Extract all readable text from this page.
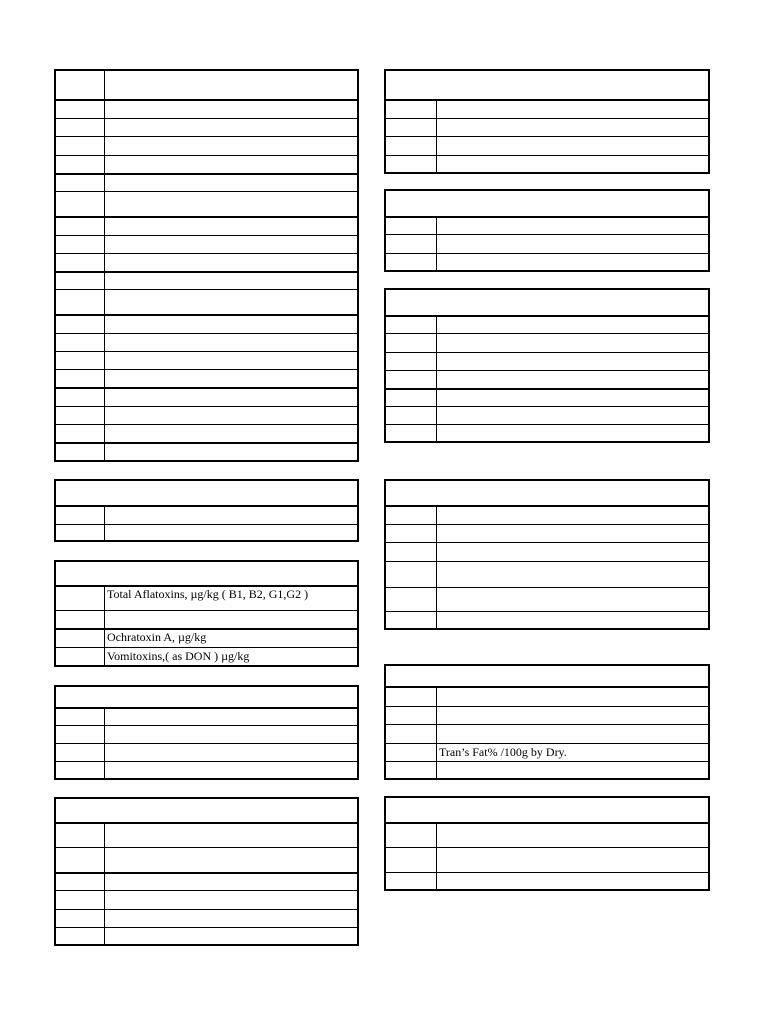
Total Aflatoxins, µg/kg ( B1, B2, G1,G2 )
Ochratoxin A, µg/kg
Vomitoxins,( as DON ) µg/kg
Tran’s Fat% /100g by Dry.
